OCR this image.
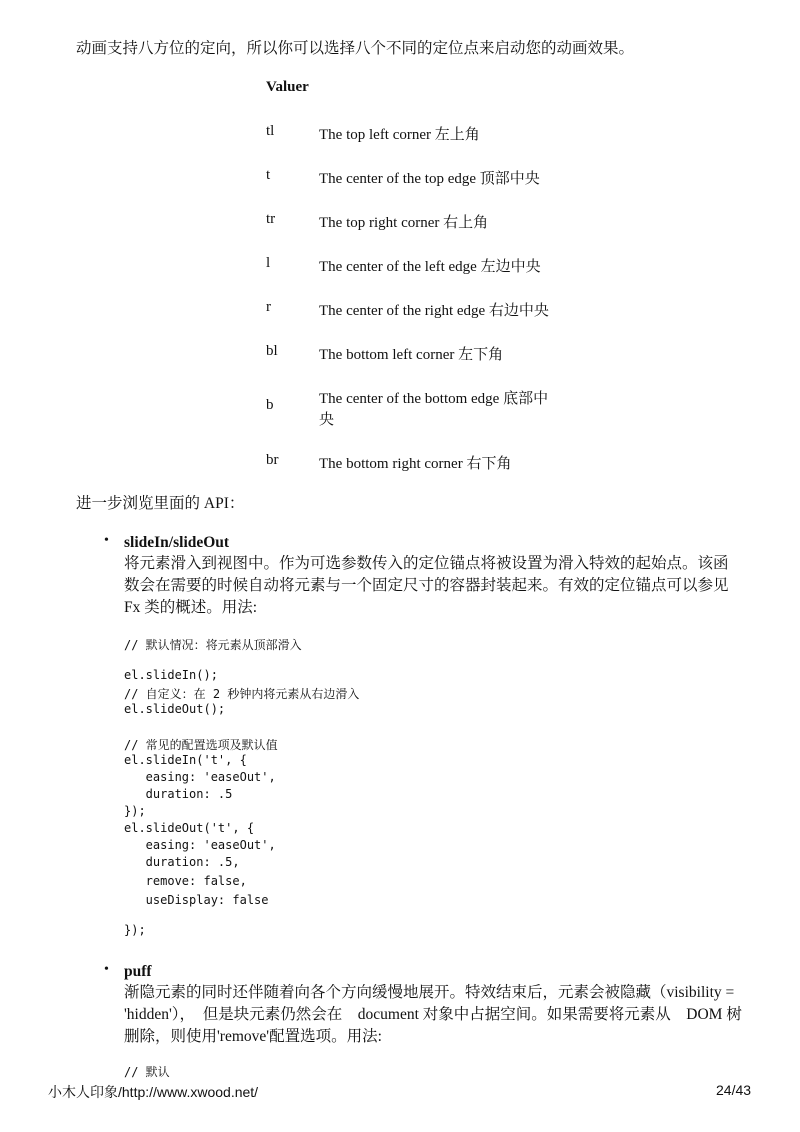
动画支持八方位的定向，所以你可以选择八个不同的定位点来启动您的动画效果。
Valuer
tl	The top left corner 左上角
t	The center of the top edge 顶部中央
tr	The top right corner 右上角
l	The center of the left edge 左边中央
r	The center of the right edge 右边中央
bl	The bottom left corner 左下角
b	The center of the bottom edge 底部中
央
br	The bottom right corner 右下角
进一步浏览里面的 API：
• slideIn/slideOut
将元素滑入到视图中。作为可选参数传入的定位锚点将被设置为滑入特效的起始点。该函
数会在需要的时候自动将元素与一个固定尺寸的容器封装起来。有效的定位锚点可以参见
Fx 类的概述。用法:
// 默认情况：将元素从顶部滑入
el.slideIn();
// 自定义：在 2 秒钟内将元素从右边滑入
el.slideOut();
// 常见的配置选项及默认值
el.slideIn('t', {
easing: 'easeOut',
duration: .5
});
el.slideOut('t', {
easing: 'easeOut',
duration: .5,
remove: false,
useDisplay: false
});
• puff
渐隐元素的同时还伴随着向各个方向缓慢地展开。特效结束后，元素会被隐藏（visibility =
'hidden'），　但是块元素仍然会在　document 对象中占据空间。如果需要将元素从　DOM 树
删除，则使用'remove'配置选项。用法:
// 默认
小木人印象/http://www.xwood.net/	24/43
